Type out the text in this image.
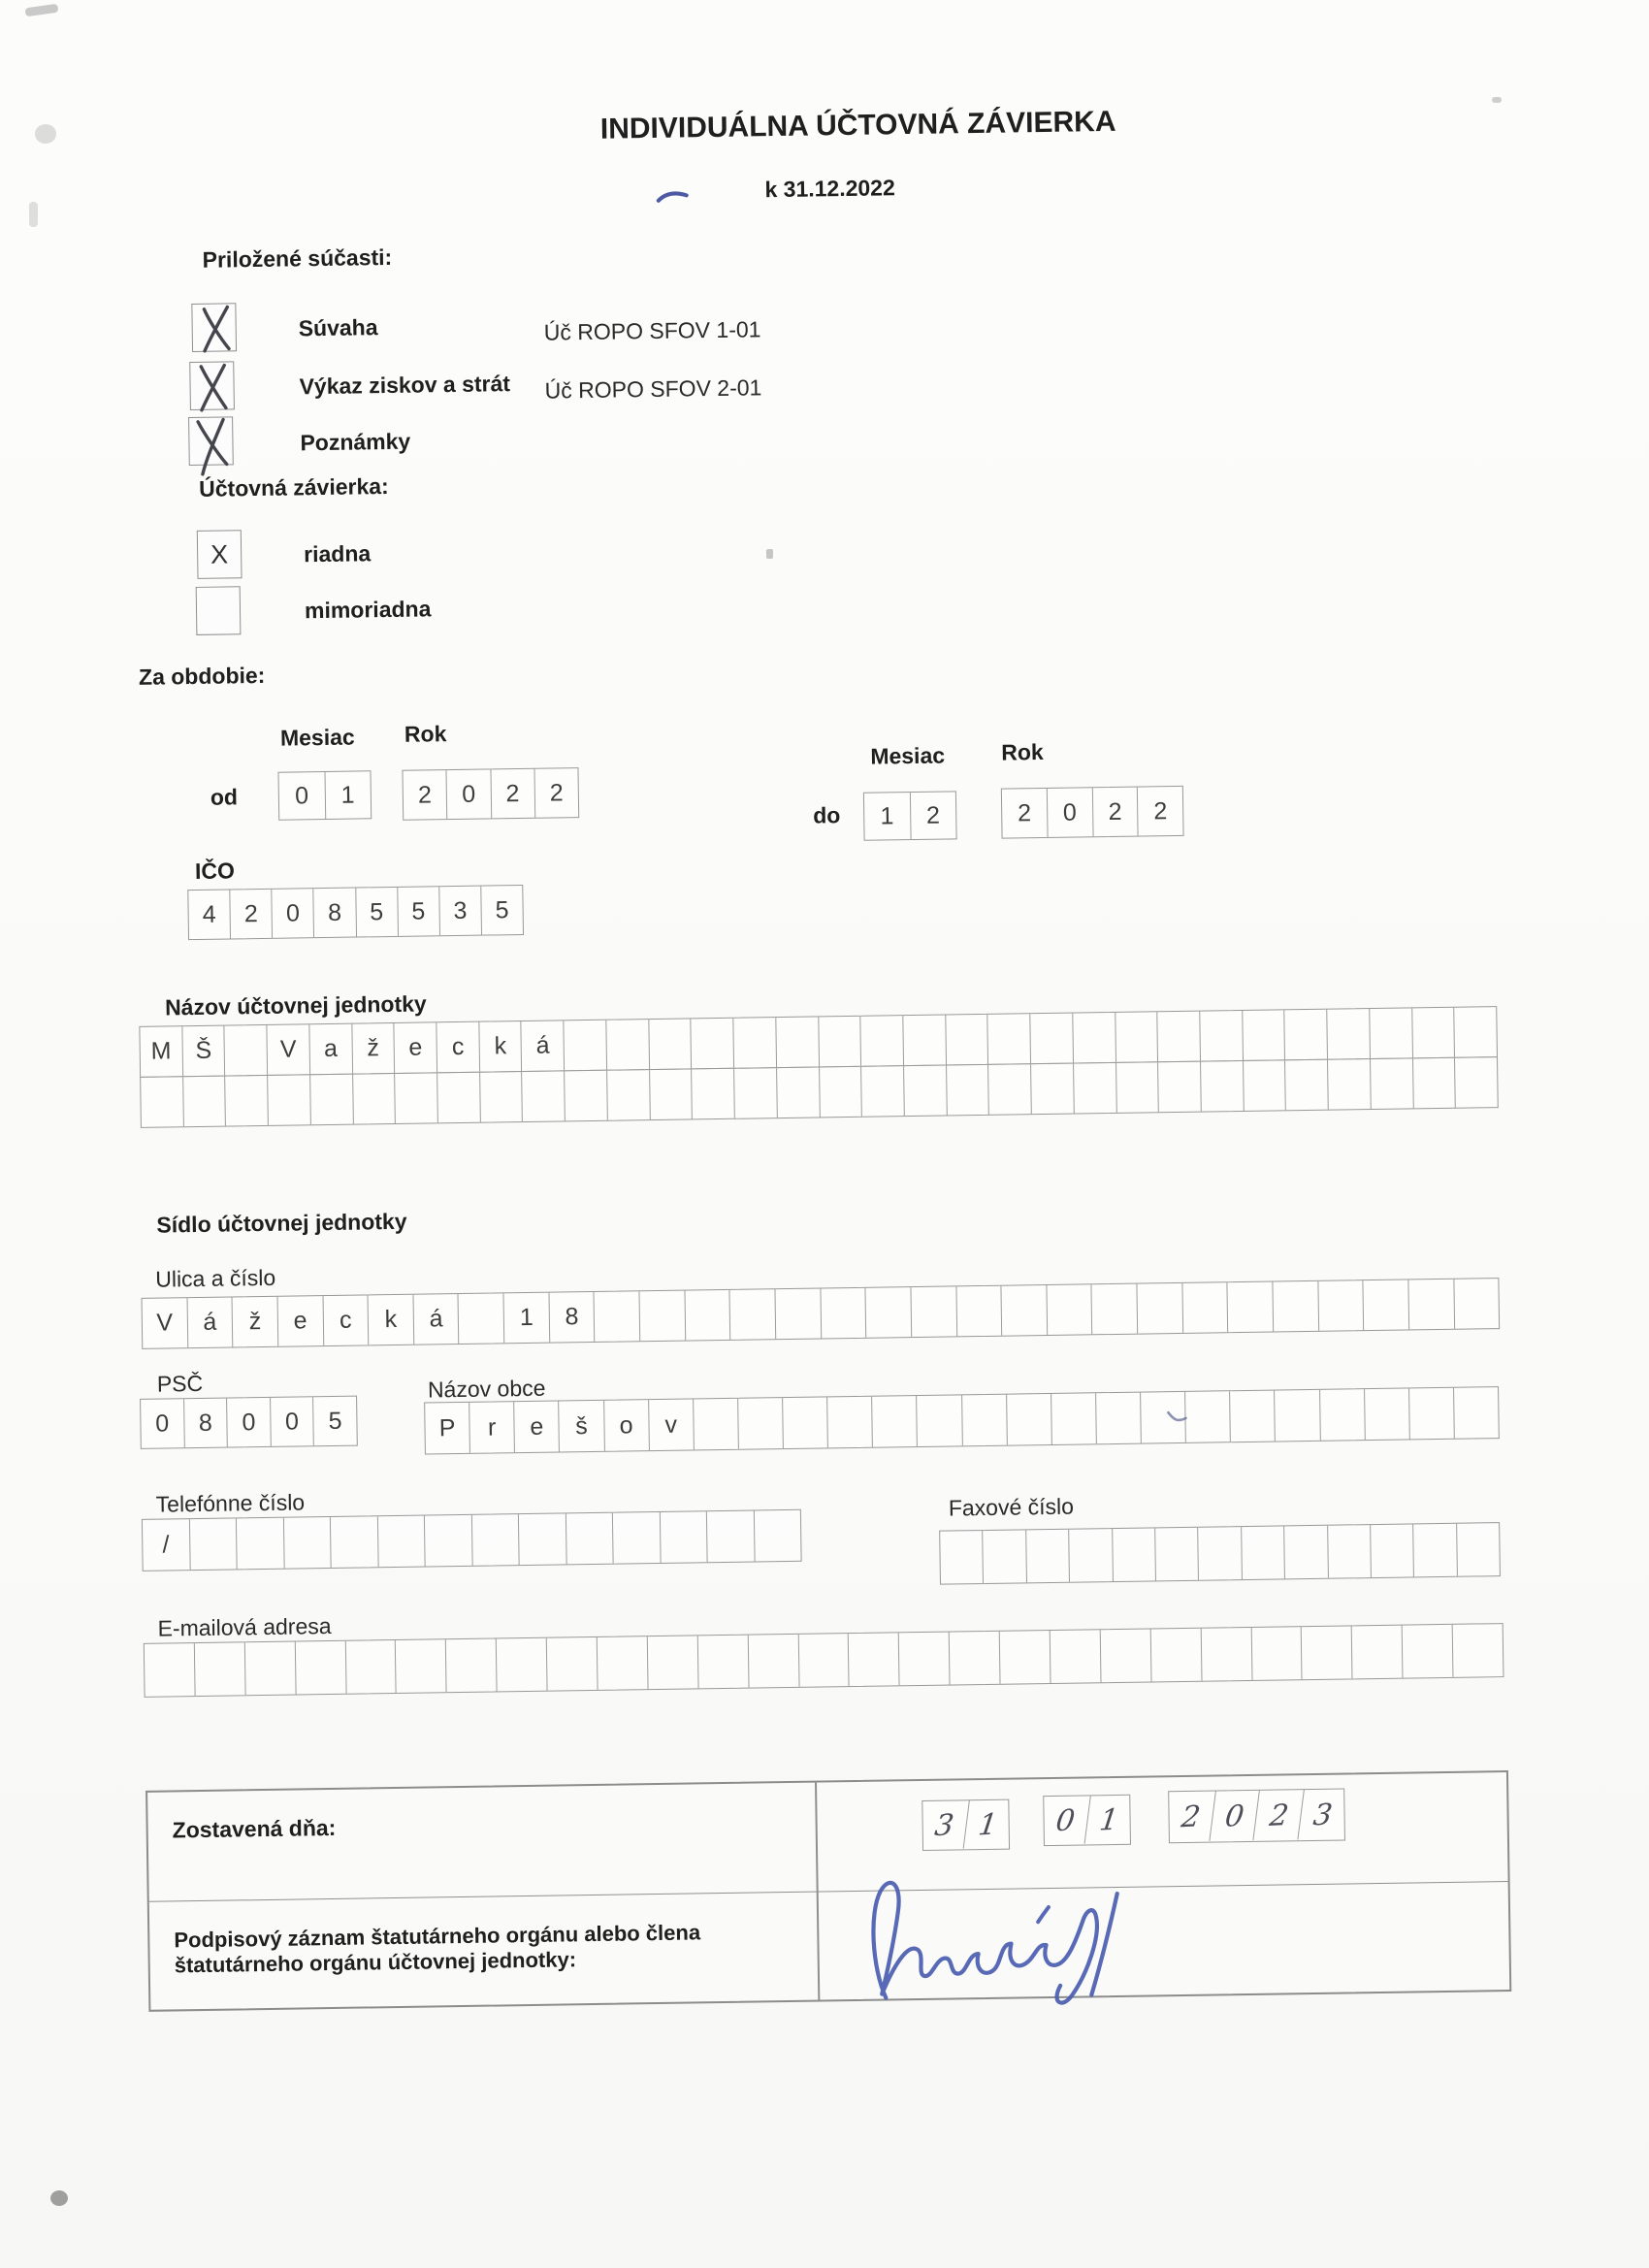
INDIVIDUÁLNA ÚČTOVNÁ ZÁVIERKA
k 31.12.2022
Priložené súčasti:
Súvaha	Úč ROPO SFOV 1-01
Výkaz ziskov a strát Úč ROPO SFOV 2-01
Poznámky
Účtovná závierka:
X	riadna
mimoriadna
Za obdobie:
Mesiac Rok
od	0	1	2	0	2	2
Mesiac	Rok
do	1	2	2	0	2	2
IČO
4	2	0	8	5	5	3	5
Názov účtovnej jednotky
M Š	V	a	ž	e	c	k	á
Sídlo účtovnej jednotky
Ulica a číslo
V	á	ž	e	c	k	á	1	8
PSČ
0	8	0	0	5
Názov obce
P	r	e	š	o	v
Telefónne číslo
/
Faxové číslo
E-mailová adresa
Zostavená dňa:	3 1	0 1	2 0 2 3
Podpisový záznam štatutárneho orgánu alebo člena štatutárneho orgánu účtovnej jednotky:
